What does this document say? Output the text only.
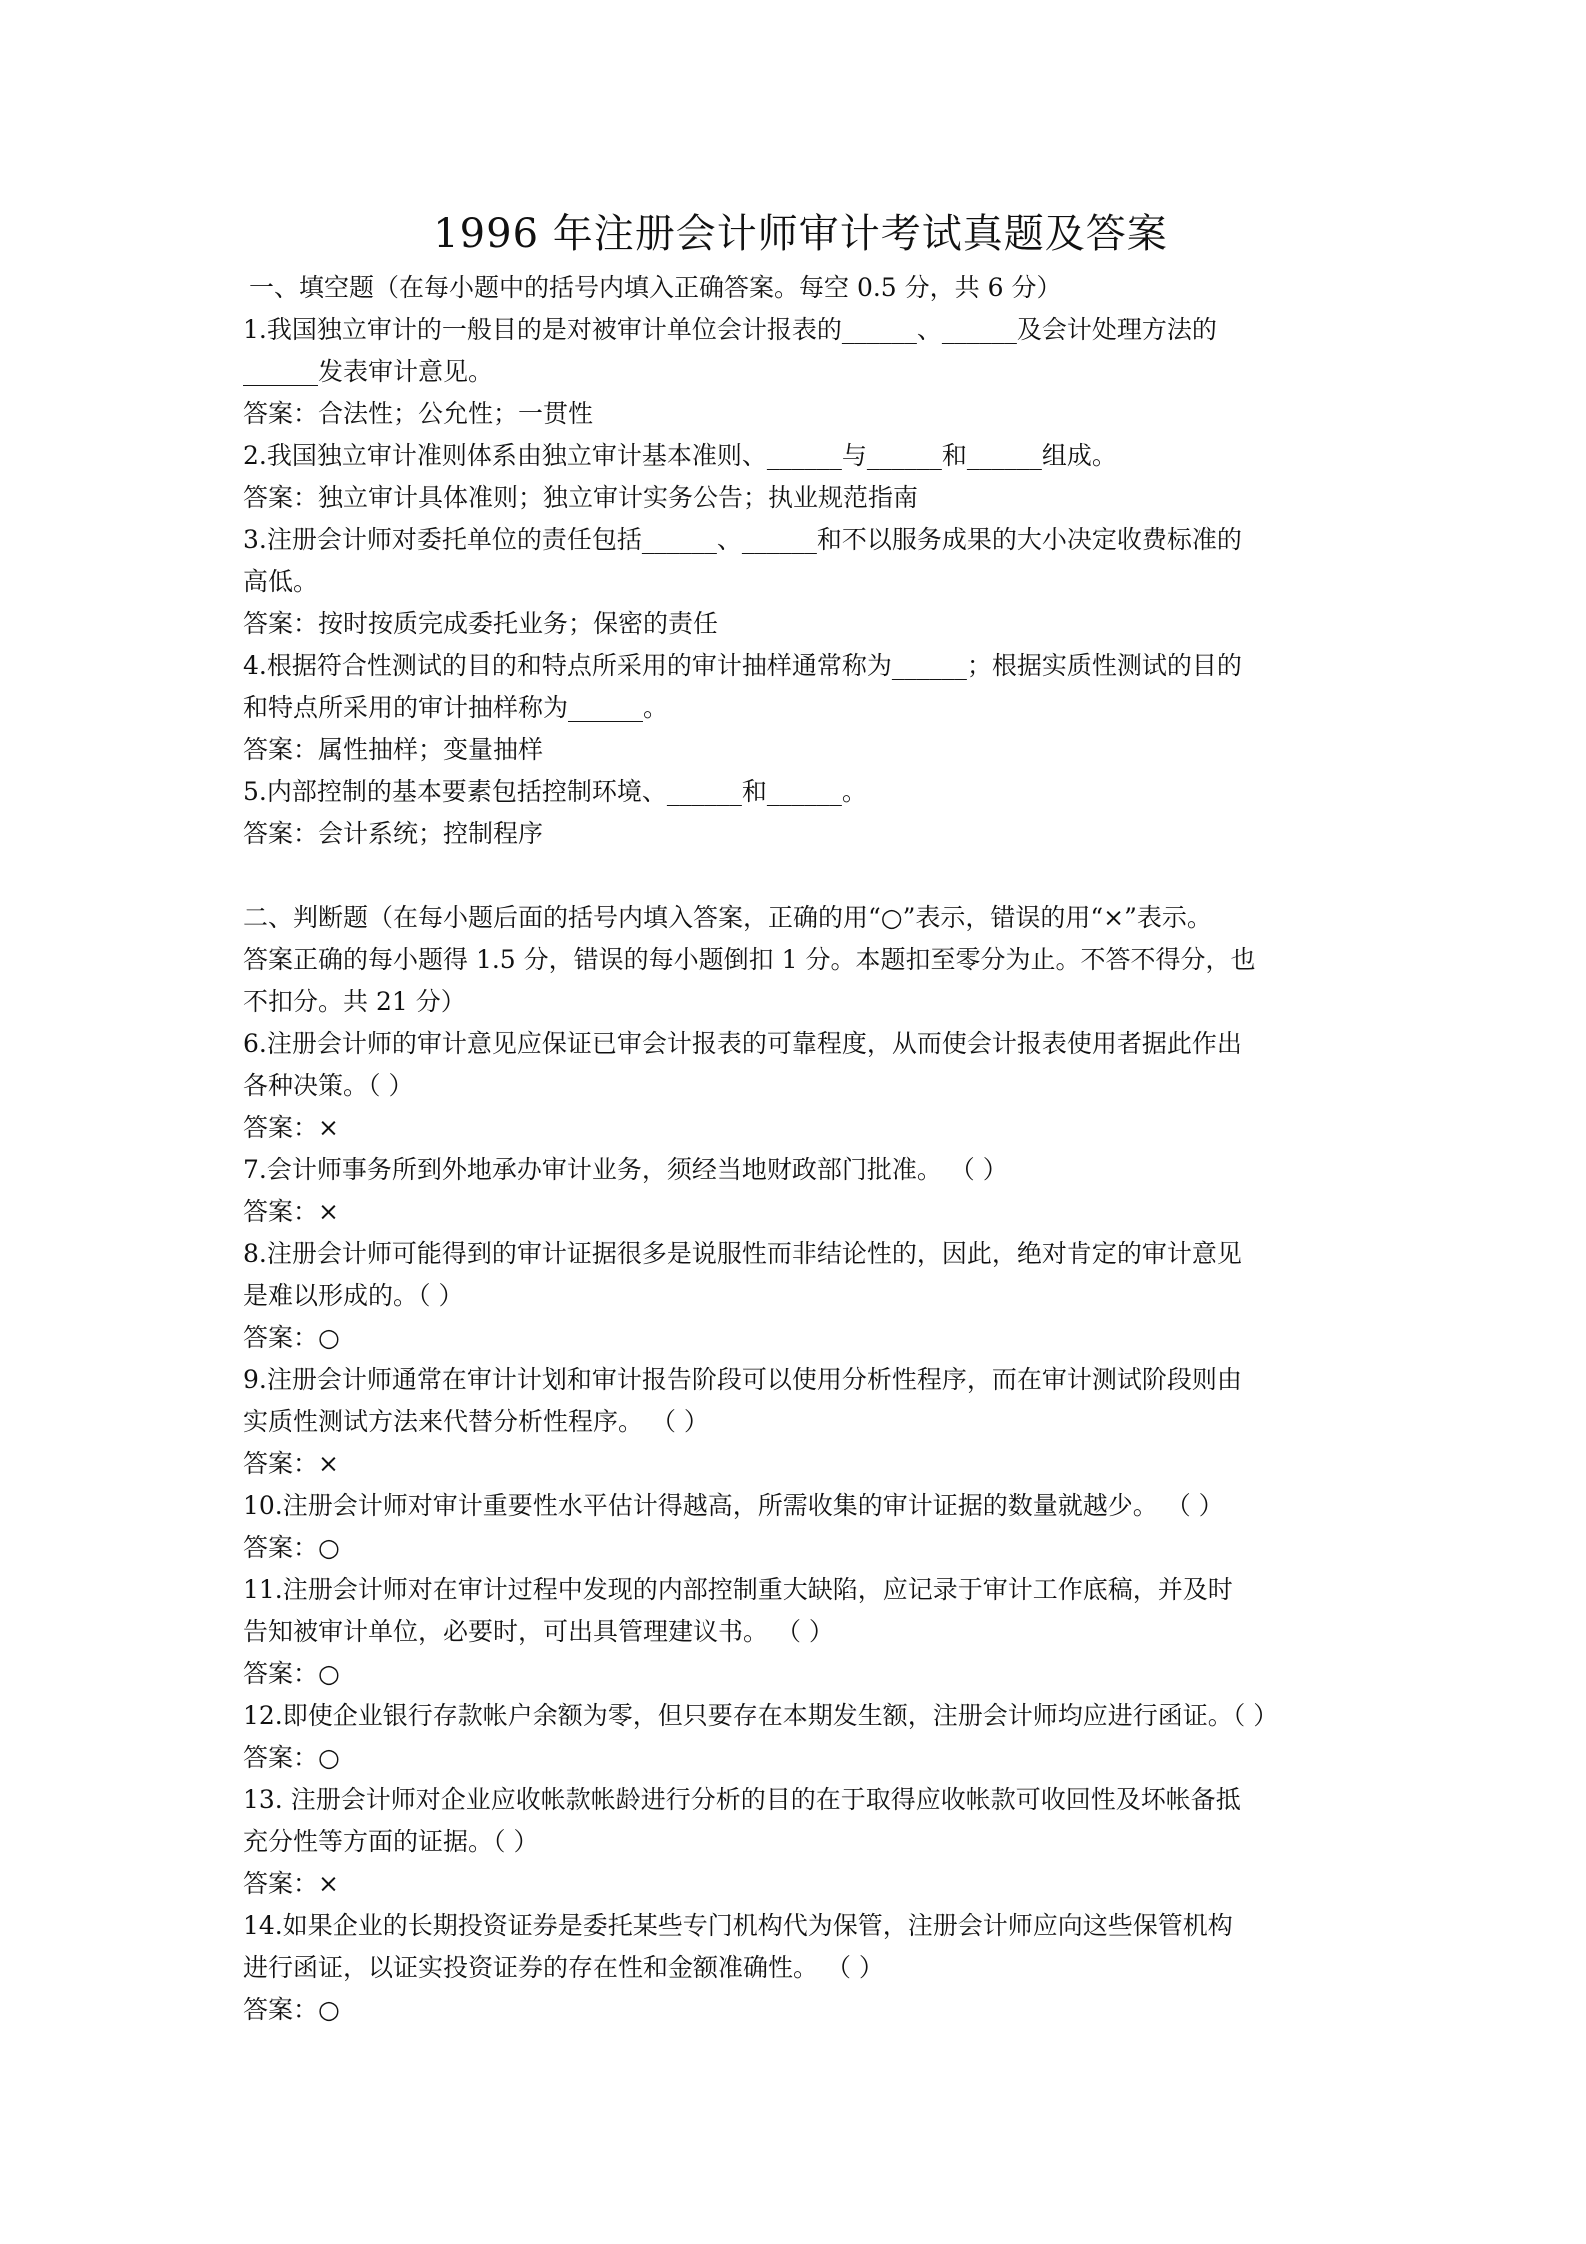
1996 年注册会计师审计考试真题及答案

一、填空题（在每小题中的括号内填入正确答案。每空 0.5 分，共 6 分）

1.我国独立审计的一般目的是对被审计单位会计报表的______、______及会计处理方法的

______发表审计意见。

答案：合法性；公允性；一贯性

2.我国独立审计准则体系由独立审计基本准则、______与______和______组成。

答案：独立审计具体准则；独立审计实务公告；执业规范指南

3.注册会计师对委托单位的责任包括______、______和不以服务成果的大小决定收费标准的

高低。

答案：按时按质完成委托业务；保密的责任

4.根据符合性测试的目的和特点所采用的审计抽样通常称为______；根据实质性测试的目的

和特点所采用的审计抽样称为______。

答案：属性抽样；变量抽样

5.内部控制的基本要素包括控制环境、______和______。

答案：会计系统；控制程序

二、判断题（在每小题后面的括号内填入答案，正确的用“○”表示，错误的用“×”表示。

答案正确的每小题得 1.5 分，错误的每小题倒扣 1 分。本题扣至零分为止。不答不得分，也

不扣分。共 21 分）

6.注册会计师的审计意见应保证已审会计报表的可靠程度，从而使会计报表使用者据此作出

各种决策。（ ）

答案：×

7.会计师事务所到外地承办审计业务，须经当地财政部门批准。 （ ）

答案：×

8.注册会计师可能得到的审计证据很多是说服性而非结论性的，因此，绝对肯定的审计意见

是难以形成的。（ ）

答案：○

9.注册会计师通常在审计计划和审计报告阶段可以使用分析性程序，而在审计测试阶段则由

实质性测试方法来代替分析性程序。 （ ）

答案：×

10.注册会计师对审计重要性水平估计得越高，所需收集的审计证据的数量就越少。 （ ）

答案：○

11.注册会计师对在审计过程中发现的内部控制重大缺陷，应记录于审计工作底稿，并及时

告知被审计单位，必要时，可出具管理建议书。 （ ）

答案：○

12.即使企业银行存款帐户余额为零，但只要存在本期发生额，注册会计师均应进行函证。（ ）

答案：○

13. 注册会计师对企业应收帐款帐龄进行分析的目的在于取得应收帐款可收回性及坏帐备抵

充分性等方面的证据。（ ）

答案：×

14.如果企业的长期投资证券是委托某些专门机构代为保管，注册会计师应向这些保管机构

进行函证，以证实投资证券的存在性和金额准确性。 （ ）

答案：○
